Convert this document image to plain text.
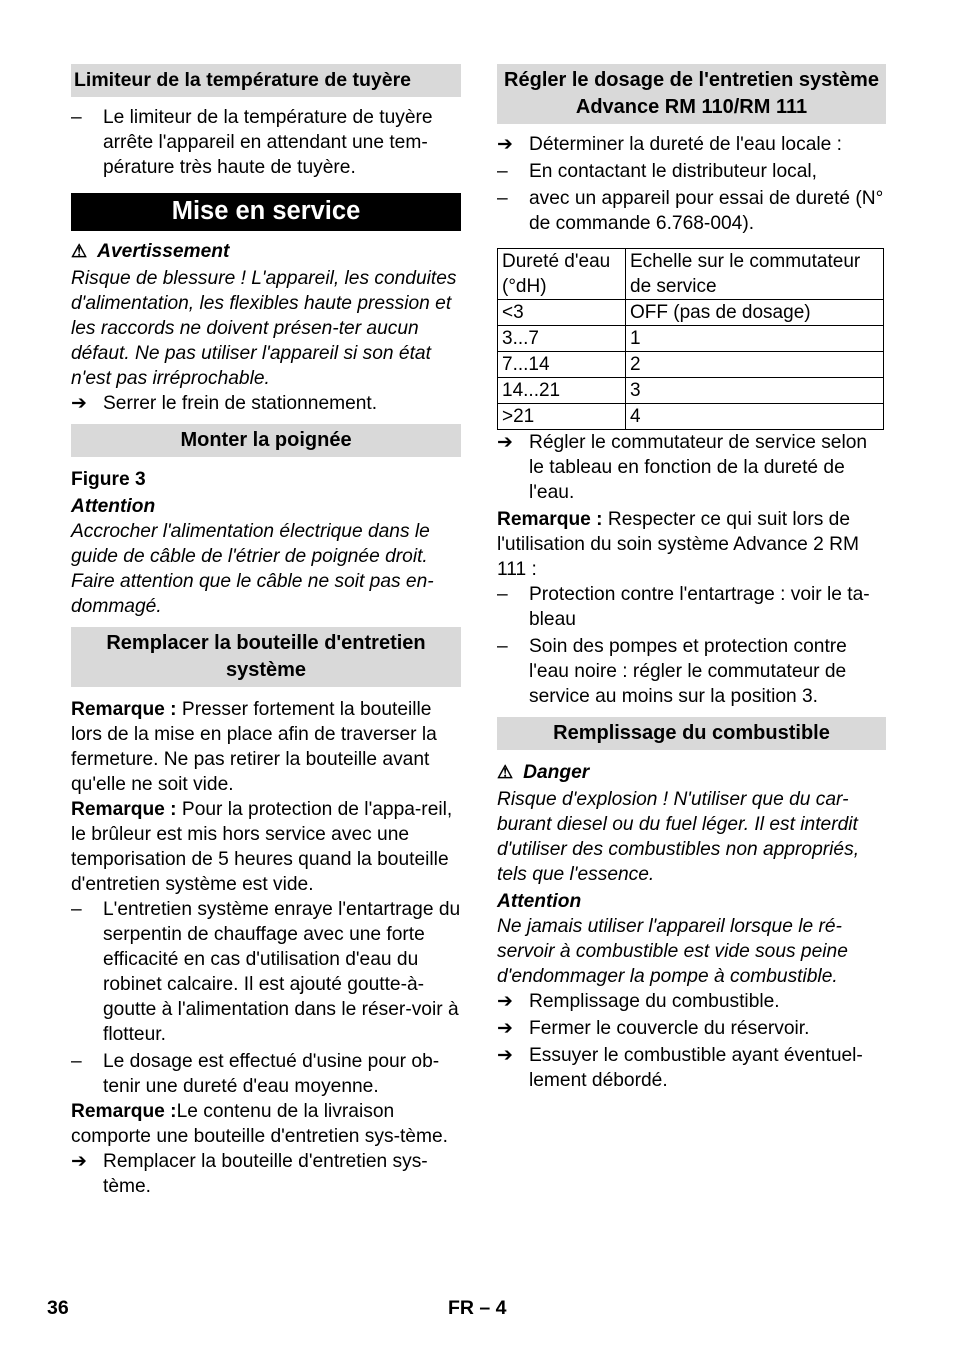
Limiteur de la température de tuyère
–	Le limiteur de la température de tuyère arrête l'appareil en attendant une tem-pérature très haute de tuyère.
Mise en service
⚠ Avertissement

Risque de blessure ! L'appareil, les conduites d'alimentation, les flexibles haute pression et les raccords ne doivent présen-ter aucun défaut. Ne pas utiliser l'appareil si son état n'est pas irréprochable.

➔ Serrer le frein de stationnement.
Monter la poignée

Figure 3

Attention

Accrocher l'alimentation électrique dans le guide de câble de l'étrier de poignée droit. Faire attention que le câble ne soit pas en-dommagé.

Remplacer la bouteille d'entretien système

Remarque : Presser fortement la bouteille lors de la mise en place afin de traverser la fermeture. Ne pas retirer la bouteille avant qu'elle ne soit vide.

Remarque : Pour la protection de l'appa-reil, le brûleur est mis hors service avec une temporisation de 5 heures quand la bouteille d'entretien système est vide.

–	L'entretien système enraye l'entartrage du serpentin de chauffage avec une forte efficacité en cas d'utilisation d'eau du robinet calcaire. Il est ajouté goutte-à-goutte à l'alimentation dans le réser-voir à flotteur.
–	Le dosage est effectué d'usine pour ob-tenir une dureté d'eau moyenne.

Remarque :Le contenu de la livraison comporte une bouteille d'entretien sys-tème.

➔ Remplacer la bouteille d'entretien sys-tème.
Régler le dosage de l'entretien système Advance RM 110/RM 111
➔ Déterminer la dureté de l'eau locale :
–	En contactant le distributeur local,
–	avec un appareil pour essai de dureté (N° de commande 6.768-004).
Dureté d'eau (°dH)	Echelle sur le commutateur de service
<3	OFF (pas de dosage)
3...7	1
7...14	2
14...21	3
>21	4
➔ Régler le commutateur de service selon le tableau en fonction de la dureté de l'eau.

Remarque : Respecter ce qui suit lors de l'utilisation du soin système Advance 2 RM 111 :

–	Protection contre l'entartrage : voir le ta-bleau
–	Soin des pompes et protection contre l'eau noire : régler le commutateur de service au moins sur la position 3.
Remplissage du combustible
⚠ Danger

Risque d'explosion ! N'utiliser que du car-burant diesel ou du fuel léger. Il est interdit d'utiliser des combustibles non appropriés, tels que l'essence.

Attention

Ne jamais utiliser l'appareil lorsque le ré-servoir à combustible est vide sous peine d'endommager la pompe à combustible.

➔ Remplissage du combustible.
➔ Fermer le couvercle du réservoir.
➔ Essuyer le combustible ayant éventuel-lement débordé.
36	FR – 4
